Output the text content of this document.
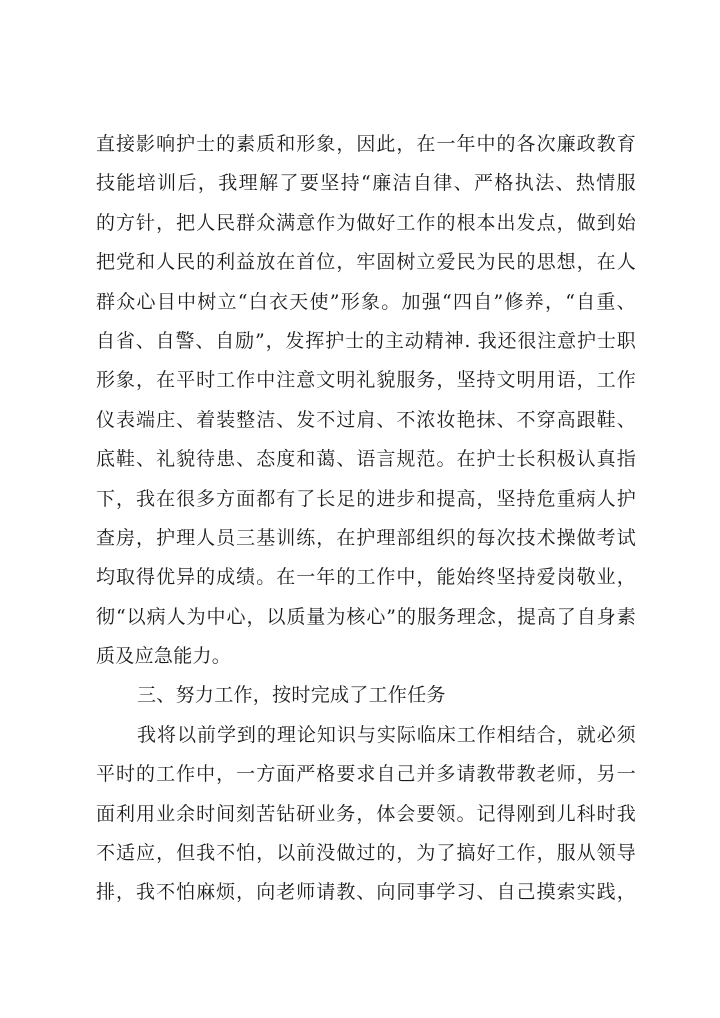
直接影响护士的素质和形象，因此，在一年中的各次廉政教育
技能培训后，我理解了要坚持“廉洁自律、严格执法、热情服
的方针，把人民群众满意作为做好工作的根本出发点，做到始
把党和人民的利益放在首位，牢固树立爱民为民的思想，在人
群众心目中树立“白衣天使”形象。加强“四自”修养，“自重、
自省、自警、自励”，发挥护士的主动精神. 我还很注意护士职
形象，在平时工作中注意文明礼貌服务，坚持文明用语，工作
仪表端庄、着装整洁、发不过肩、不浓妆艳抹、不穿高跟鞋、
底鞋、礼貌待患、态度和蔼、语言规范。在护士长积极认真指
下，我在很多方面都有了长足的进步和提高，坚持危重病人护
查房，护理人员三基训练，在护理部组织的每次技术操做考试
均取得优异的成绩。在一年的工作中，能始终坚持爱岗敬业，
彻“以病人为中心，以质量为核心”的服务理念，提高了自身素
质及应急能力。
三、努力工作，按时完成了工作任务
我将以前学到的理论知识与实际临床工作相结合，就必须
平时的工作中，一方面严格要求自己并多请教带教老师，另一
面利用业余时间刻苦钻研业务，体会要领。记得刚到儿科时我
不适应，但我不怕，以前没做过的，为了搞好工作，服从领导
排，我不怕麻烦，向老师请教、向同事学习、自己摸索实践，
